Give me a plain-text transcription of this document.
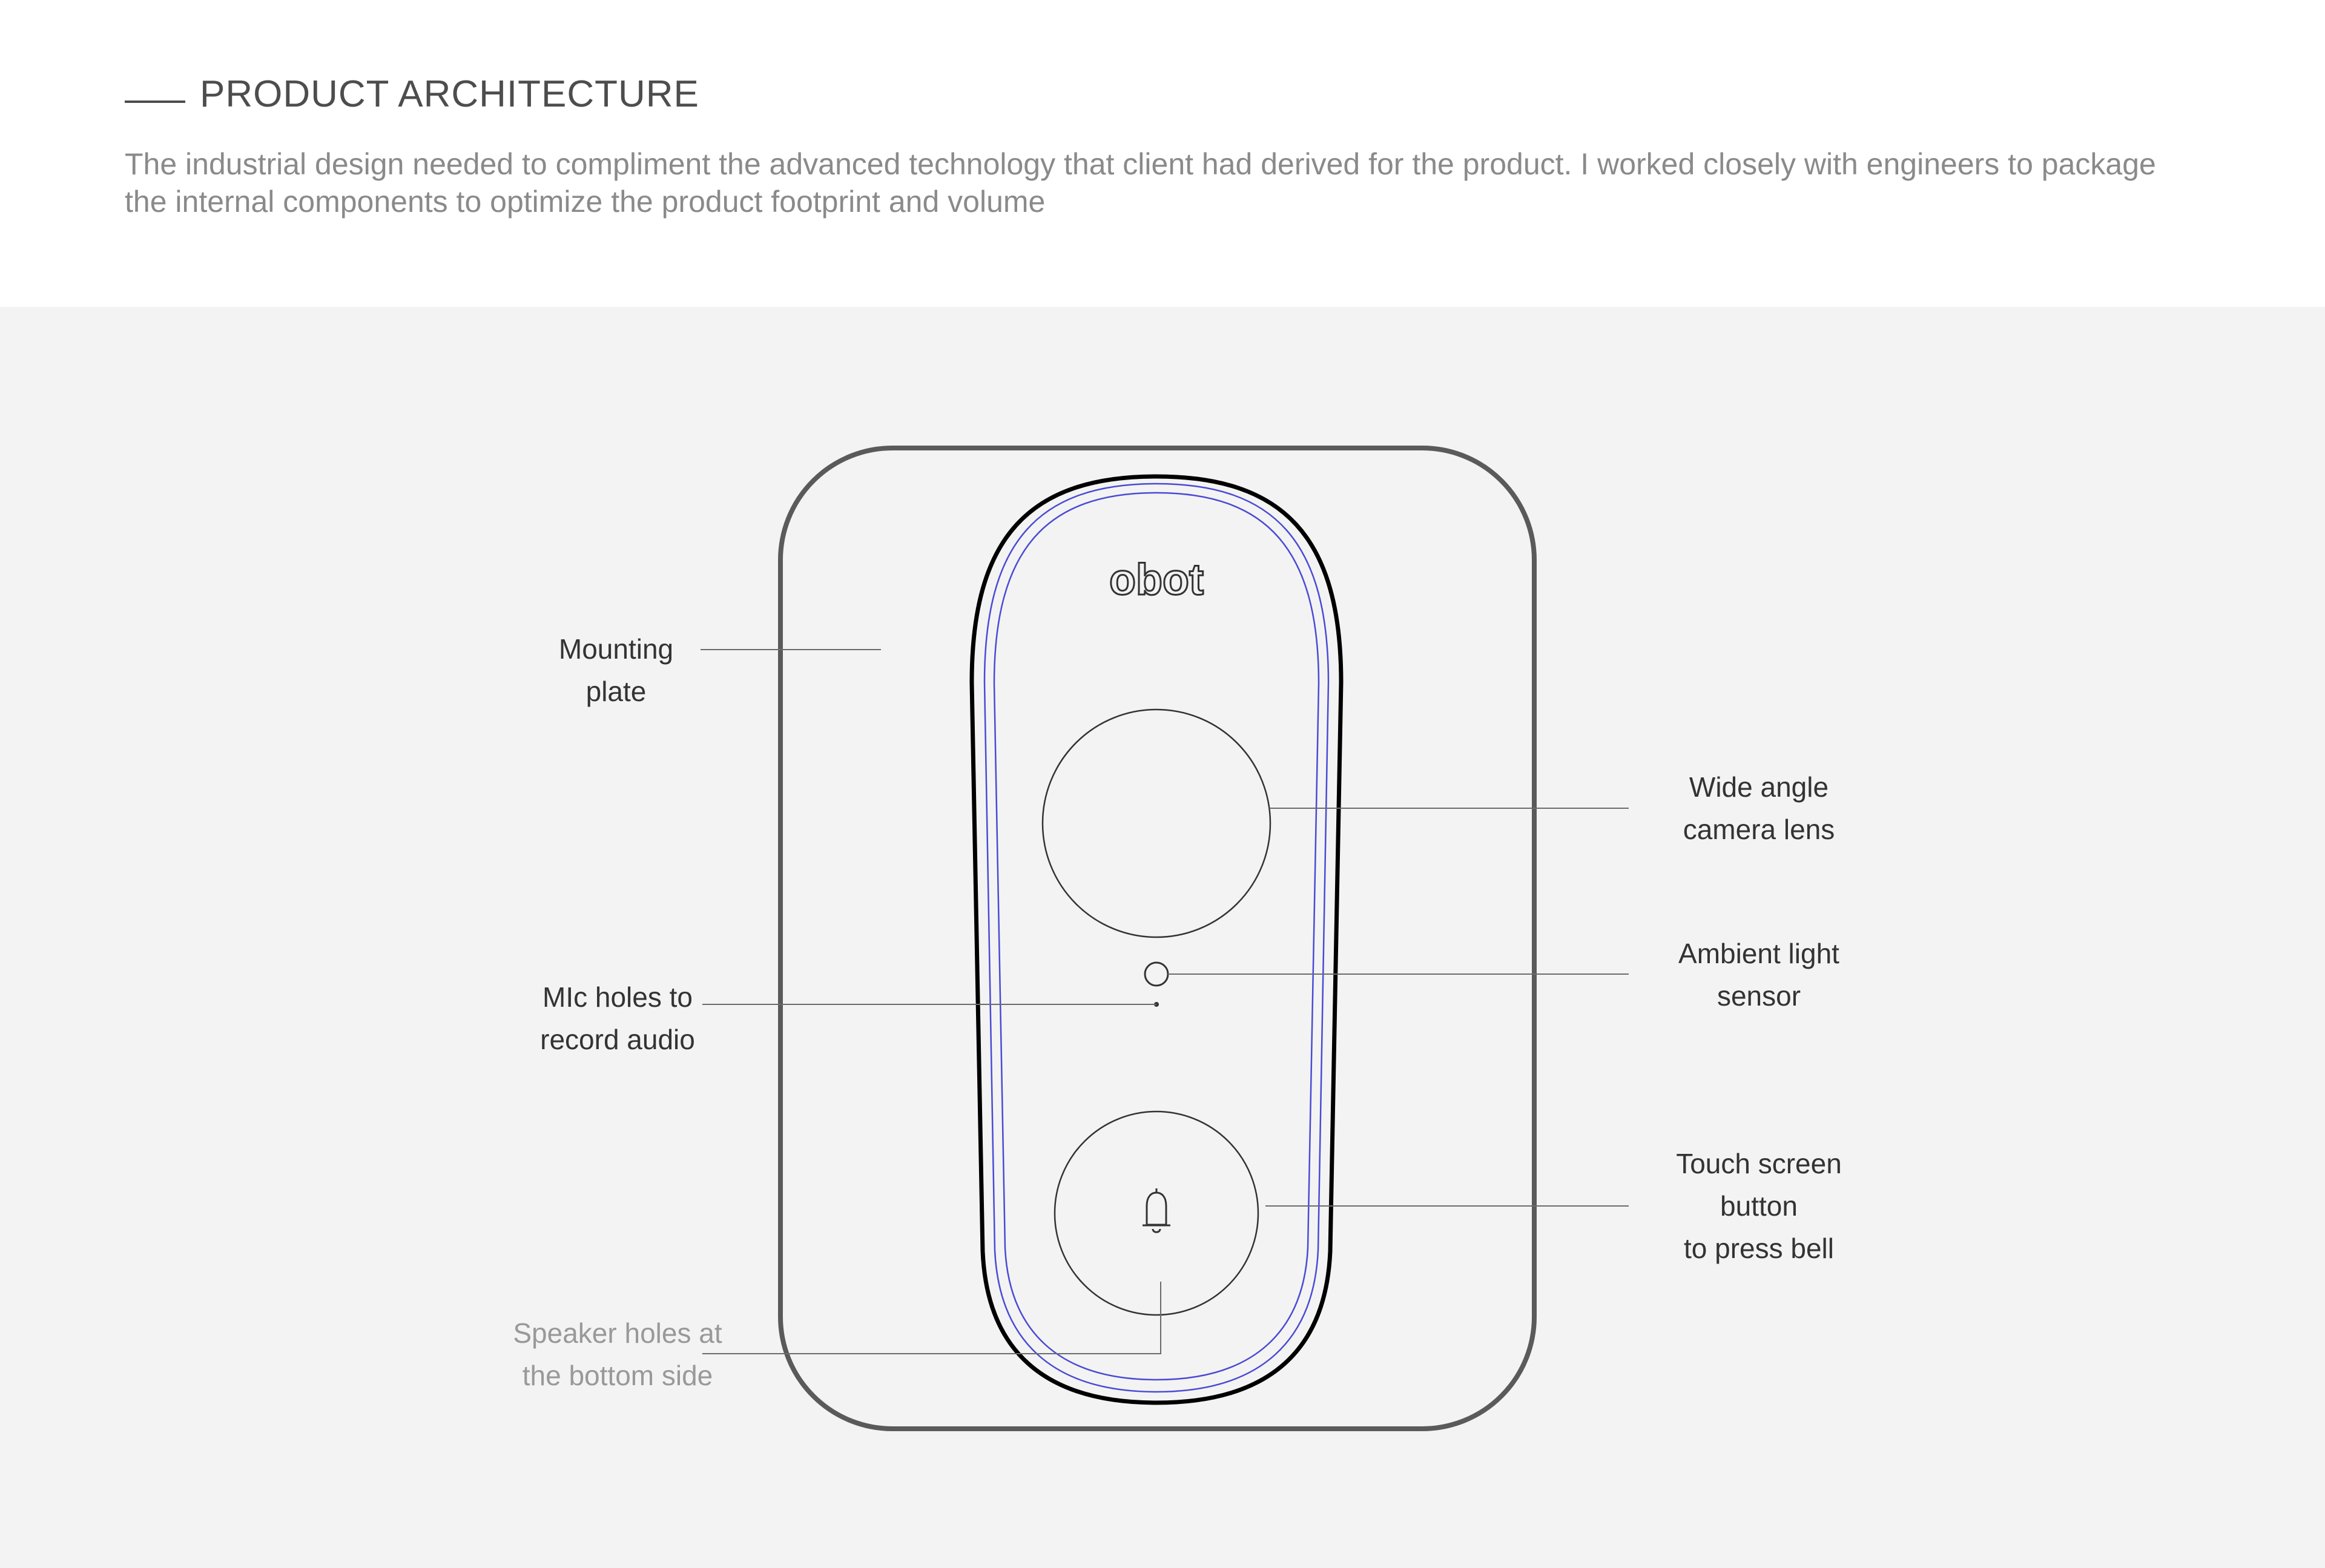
PRODUCT ARCHITECTURE
The industrial design needed to compliment the advanced technology that client had derived for the product. I worked closely with engineers to package
the internal components to optimize the product footprint and volume
obot
Mounting
plate
MIc holes to
record audio
Speaker holes at
the bottom side
Wide angle
camera lens
Ambient light
sensor
Touch screen
button
to press bell
